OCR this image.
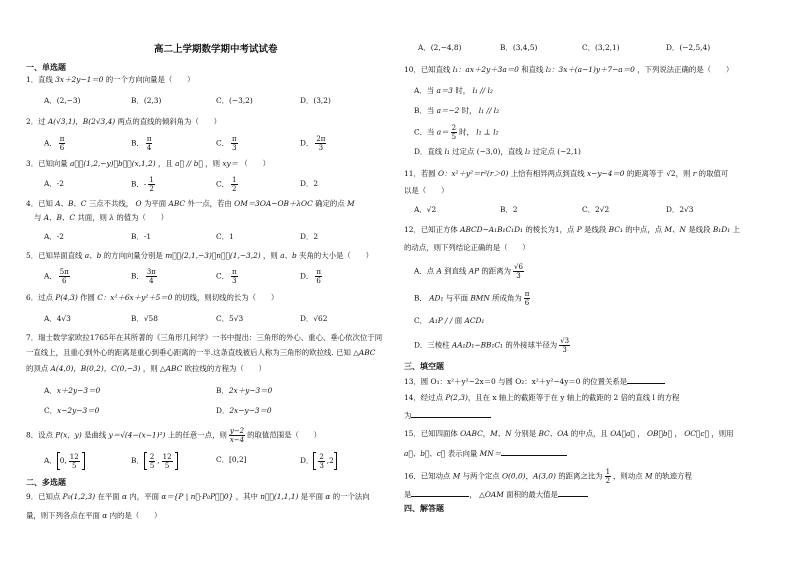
高二上学期数学期中考试试卷
一、单选题
1．直线 3x＋2y−1＝0 的一个方向向量是（　　）
A．(2,−3)	B．(2,3)	C．(−3,2)	D．(3,2)
2．过 A(√3,1)，B(2√3,4) 两点的直线的倾斜角为（　　）
A． $\frac{\pi}{6}$	B． $\frac{\pi}{4}$	C． $\frac{\pi}{3}$	D． $\frac{2\pi}{3}$
3．已知向量 a⃗＝(1,2,−y)，b⃗＝(x,1,2) ，且 a⃗ // b⃗ ，则 xy＝ （　　）
A．-2	B．- $\frac{1}{2}$	C． $\frac{1}{2}$	D．2
4．已知 A、B、C 三点不共线， O 为平面 ABC 外一点，若由 OM＝3OA−OB＋λOC 确定的点 M
与 A、B、C 共面，则 λ 的值为（　　）
A．-2	B．-1	C．1	D．2
5．已知异面直线 a、b 的方向向量分别是 m⃗＝(2,1,−3)，n⃗＝(1,−3,2) ，则 a、b 夹角的大小是（　　）
A． $\frac{5\pi}{6}$	B． $\frac{3\pi}{4}$	C． $\frac{\pi}{3}$	D． $\frac{\pi}{6}$
6．过点 P(4,3) 作圆 C：x²＋6x＋y²＋5＝0 的切线，则切线的长为（　　）
A．4√3	B．√58	C．5√3	D．√62
7．瑞士数学家欧拉1765年在其所著的《三角形几何学》一书中提出：三角形的外心、重心、垂心依次位于同
一直线上，且重心到外心的距离是重心到垂心距离的一半.这条直线被后人称为三角形的欧拉线. 已知 △ABC
的顶点 A(4,0)，B(0,2)，C(0,−3) ，则 △ABC 欧拉线的方程为（　　）
A．x＋2y−3＝0	B．2x＋y−3＝0
C．x−2y−3＝0	D．2x−y−3＝0
8．设点 P(x，y) 是曲线 y＝√(4−(x−1)²) 上的任意一点，则 $\frac{y-2}{x-4}$ 的取值范围是（　　）
A． 0, $\frac{12}{5}$	B． $\frac{2}{5}$ , $\frac{12}{5}$	C．[0,2]	D． $\frac{2}{3} ,2$
二、多选题
9．已知点 P₀(1,2,3) 在平面 α 内，平面 α＝{P | n⃗·P₀P⃗＝0} ，其中 n⃗＝(1,1,1) 是平面 α 的一个法向
量，则下列各点在平面 α 内的是（　　）
A．(2,−4,8)	B．(3,4,5)	C．(3,2,1)	D．(−2,5,4)
10．已知直线 l₁：ax＋2y＋3a＝0 和直线 l₂：3x＋(a−1)y＋7−a＝0 ，下列说法正确的是（　　）
A．当 a＝3 时， l₁ // l₂
B．当 a＝−2 时， l₁ // l₂
C．当 $a= \frac{2}{5}$ 时， l₁ ⊥ l₂
D．直线 l₁ 过定点 (−3,0)，直线 l₂ 过定点 (−2,1)
11．若圆 O：x²＋y²＝r²(r＞0) 上恰有相异两点到直线 x−y−4＝0 的距离等于 √2，则 r 的取值可
以是（　　）
A．√2	B．2	C．2√2	D．2√3
12．已知正方体 ABCD−A₁B₁C₁D₁ 的棱长为1，点 P 是线段 BC₁ 的中点，点 M、N 是线段 B₁D₁ 上
的动点，则下列结论正确的是（　　）
A．点 A 到直线 AP 的距离为 $\frac{√6}{3}$
B． AD₁ 与平面 BMN 所成角为 $\frac{\pi}{6}$
C． A₁P / / 面 ACD₁
D．三棱柱 AA₁D₁−BB₁C₁ 的外接球半径为 $\frac{√3}{3}$
三、填空题
13．圆 O₁：x²＋y²−2x＝0 与圆 O₂：x²＋y²−4y＝0 的位置关系是
14．经过点 P(2,3)，且在 x 轴上的截距等于在 y 轴上的截距的 2 倍的直线 l 的方程
为
15．已知四面体 OABC，M、N 分别是 BC、OA 的中点，且 OA＝a⃗ ， OB＝b⃗ ， OC＝c⃗ ，则用
a⃗、b⃗、c⃗ 表示向量 MN＝
16．已知动点 M 与两个定点 O(0,0)，A(3,0) 的距离之比为 $\frac{1}{2}$ ，则动点 M 的轨迹方程
是	， △OAM 面积的最大值是
四、解答题
